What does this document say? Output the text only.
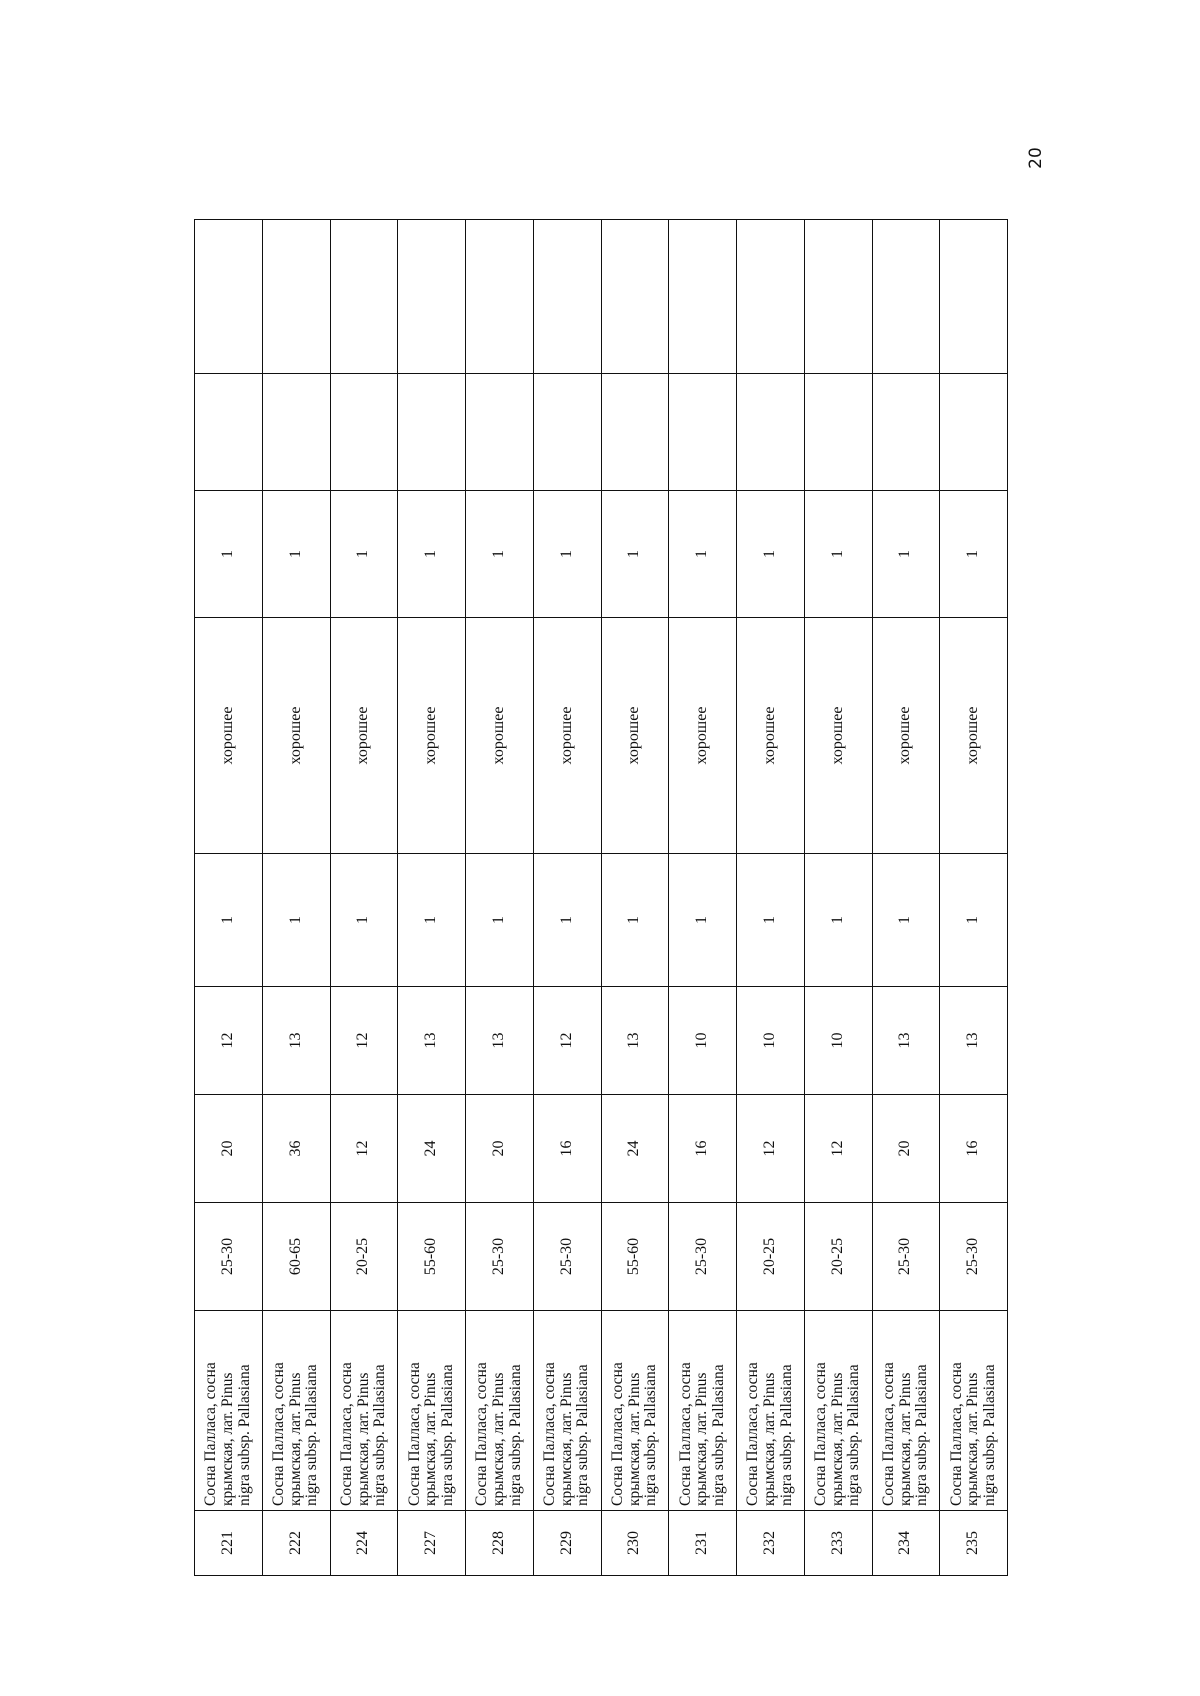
20
221	Сосна Палласа, сосна крымская, лат. Pinus nigra subsp. Pallasiana	25-30	20	12	1	хорошее	1		
222	Сосна Палласа, сосна крымская, лат. Pinus nigra subsp. Pallasiana	60-65	36	13	1	хорошее	1		
224	Сосна Палласа, сосна крымская, лат. Pinus nigra subsp. Pallasiana	20-25	12	12	1	хорошее	1		
227	Сосна Палласа, сосна крымская, лат. Pinus nigra subsp. Pallasiana	55-60	24	13	1	хорошее	1		
228	Сосна Палласа, сосна крымская, лат. Pinus nigra subsp. Pallasiana	25-30	20	13	1	хорошее	1		
229	Сосна Палласа, сосна крымская, лат. Pinus nigra subsp. Pallasiana	25-30	16	12	1	хорошее	1		
230	Сосна Палласа, сосна крымская, лат. Pinus nigra subsp. Pallasiana	55-60	24	13	1	хорошее	1		
231	Сосна Палласа, сосна крымская, лат. Pinus nigra subsp. Pallasiana	25-30	16	10	1	хорошее	1		
232	Сосна Палласа, сосна крымская, лат. Pinus nigra subsp. Pallasiana	20-25	12	10	1	хорошее	1		
233	Сосна Палласа, сосна крымская, лат. Pinus nigra subsp. Pallasiana	20-25	12	10	1	хорошее	1		
234	Сосна Палласа, сосна крымская, лат. Pinus nigra subsp. Pallasiana	25-30	20	13	1	хорошее	1		
235	Сосна Палласа, сосна крымская, лат. Pinus nigra subsp. Pallasiana	25-30	16	13	1	хорошее	1		
